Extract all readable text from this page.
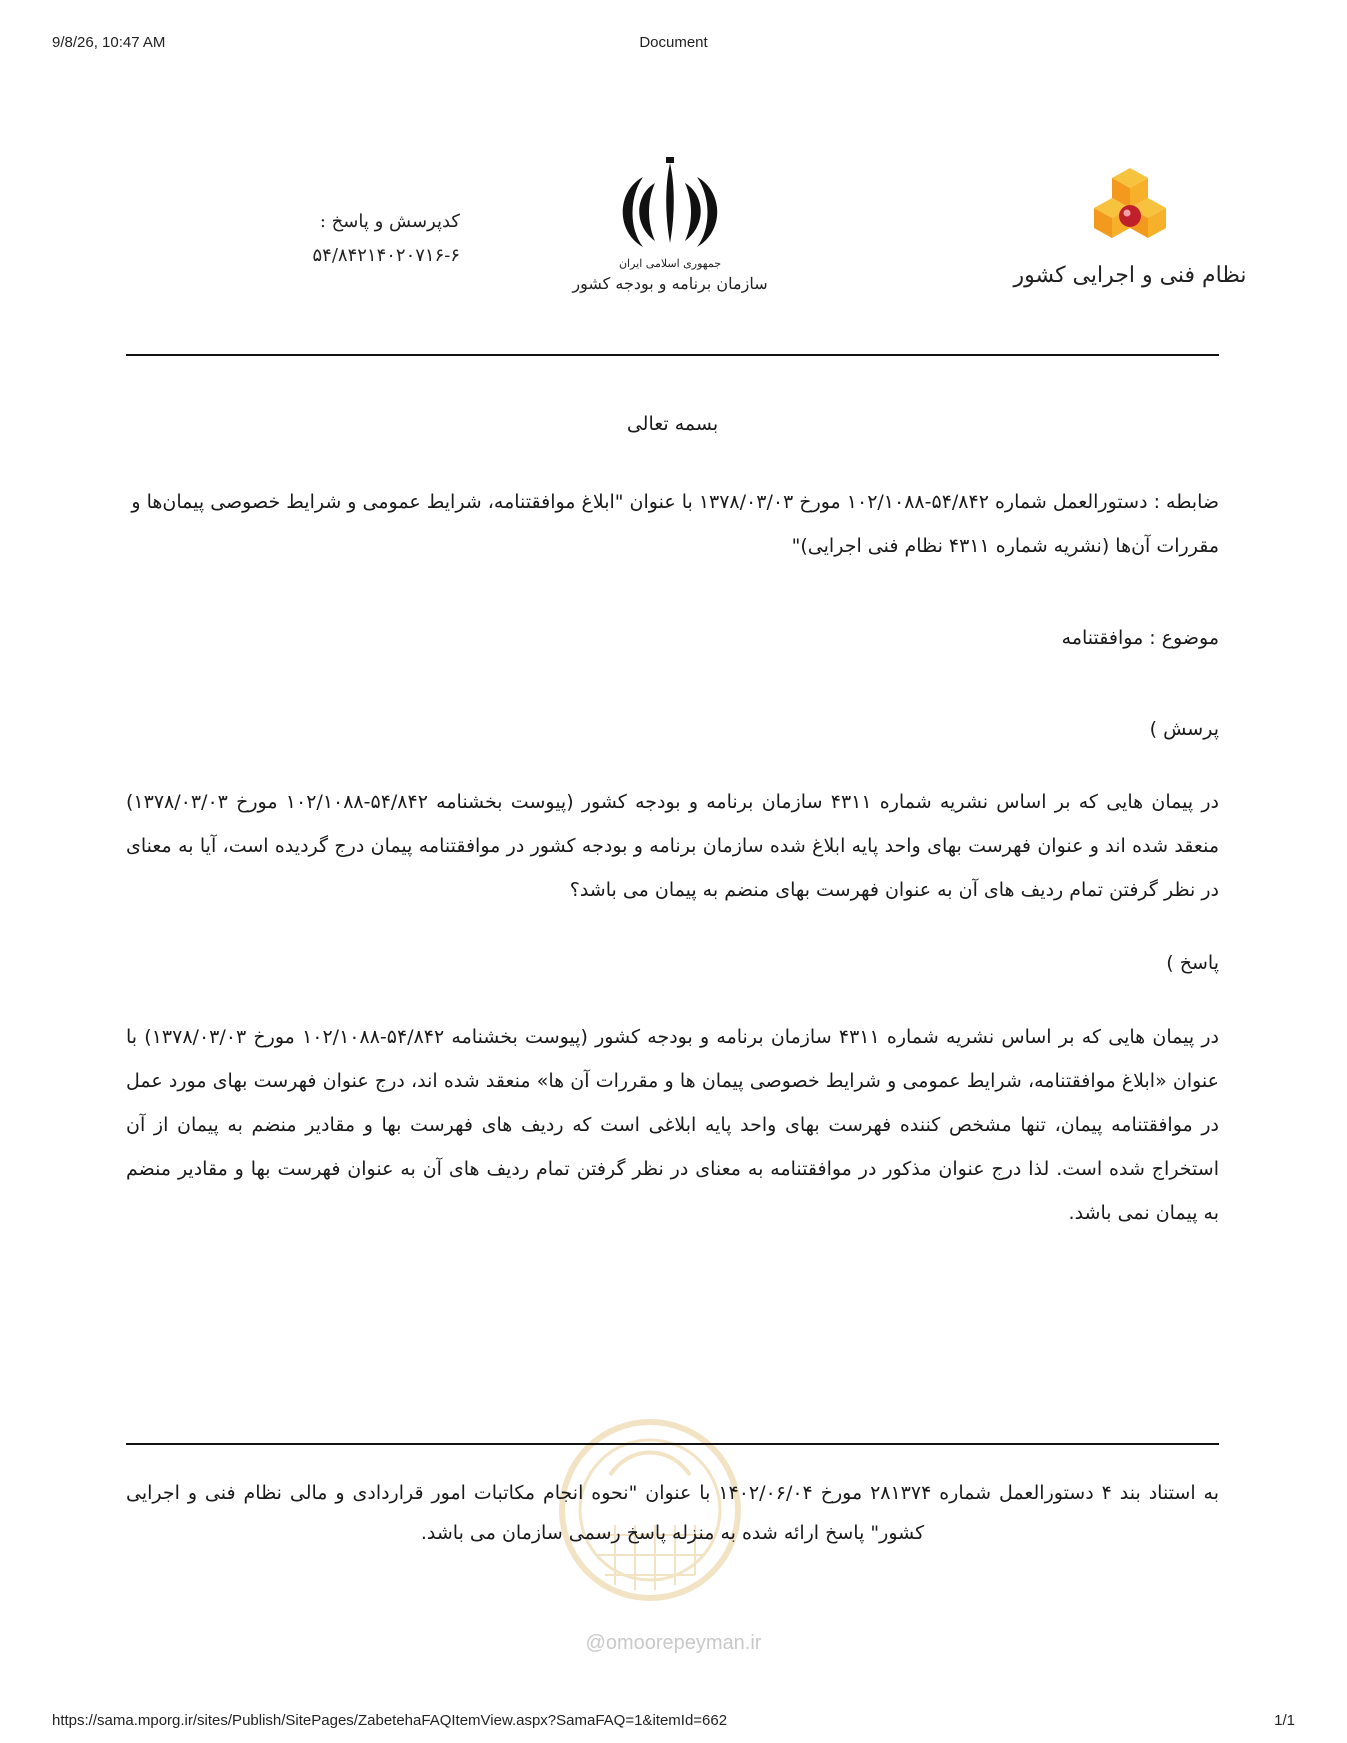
9/8/26, 10:47 AM	Document
نظام فنی و اجرایی کشور
جمهوری اسلامی ایران
سازمان برنامه و بودجه کشور
کدپرسش و پاسخ :
۵۴/۸۴۲۱۴۰۲۰۷۱۶-۶
بسمه تعالی
ضابطه : دستورالعمل شماره ۵۴/۸۴۲-۱۰۲/۱۰۸۸ مورخ ۱۳۷۸/۰۳/۰۳ با عنوان "ابلاغ موافقتنامه، شرایط عمومی و شرایط خصوصی پیمان‌ها و مقررات آن‌ها (نشریه شماره ۴۳۱۱ نظام فنی اجرایی)"
موضوع : موافقتنامه
پرسش )
در پیمان هایی که بر اساس نشریه شماره ۴۳۱۱ سازمان برنامه و بودجه کشور (پیوست بخشنامه ۵۴/۸۴۲-۱۰۲/۱۰۸۸ مورخ ۱۳۷۸/۰۳/۰۳) منعقد شده اند و عنوان فهرست بهای واحد پایه ابلاغ شده سازمان برنامه و بودجه کشور در موافقتنامه پیمان درج گردیده است، آیا به معنای در نظر گرفتن تمام ردیف های آن به عنوان فهرست بهای منضم به پیمان می باشد؟
پاسخ )
در پیمان هایی که بر اساس نشریه شماره ۴۳۱۱ سازمان برنامه و بودجه کشور (پیوست بخشنامه ۵۴/۸۴۲-۱۰۲/۱۰۸۸ مورخ ۱۳۷۸/۰۳/۰۳) با عنوان «ابلاغ موافقتنامه، شرایط عمومی و شرایط خصوصی پیمان ها و مقررات آن ها» منعقد شده اند، درج عنوان فهرست بهای مورد عمل در موافقتنامه پیمان، تنها مشخص کننده فهرست بهای واحد پایه ابلاغی است که ردیف های فهرست بها و مقادیر منضم به پیمان از آن استخراج شده است. لذا درج عنوان مذکور در موافقتنامه به معنای در نظر گرفتن تمام ردیف های آن به عنوان فهرست بها و مقادیر منضم به پیمان نمی باشد.
به استناد بند ۴ دستورالعمل شماره ۲۸۱۳۷۴ مورخ ۱۴۰۲/۰۶/۰۴ با عنوان "نحوه انجام مکاتبات امور قراردادی و مالی نظام فنی و اجرایی کشور" پاسخ ارائه شده به منزله پاسخ رسمی سازمان می باشد.
@omoorepeyman.ir
https://sama.mporg.ir/sites/Publish/SitePages/ZabetehaFAQItemView.aspx?SamaFAQ=1&itemId=662	1/1
